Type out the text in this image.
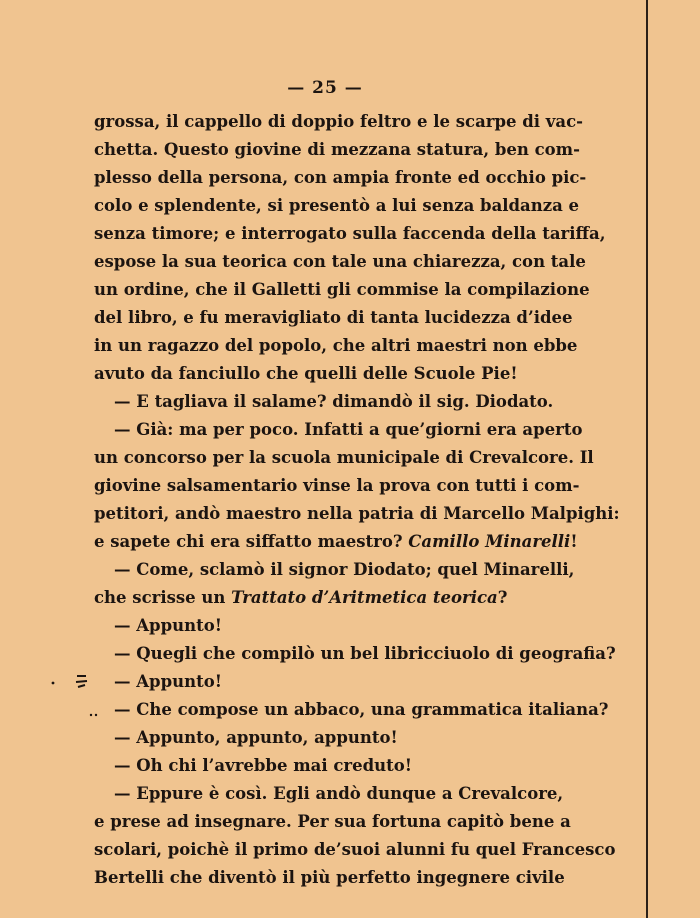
— 25 —
grossa, il cappello di doppio feltro e le scarpe di vac-
chetta. Questo giovine di mezzana statura, ben com-
plesso della persona, con ampia fronte ed occhio pic-
colo e splendente, si presentò a lui senza baldanza e
senza timore; e interrogato sulla faccenda della tariffa,
espose la sua teorica con tale una chiarezza, con tale
un ordine, che il Galletti gli commise la compilazione
del libro, e fu meravigliato di tanta lucidezza d’idee
in un ragazzo del popolo, che altri maestri non ebbe
avuto da fanciullo che quelli delle Scuole Pie!
— E tagliava il salame? dimandò il sig. Diodato.
— Già: ma per poco. Infatti a que’giorni era aperto
un concorso per la scuola municipale di Crevalcore. Il
giovine salsamentario vinse la prova con tutti i com-
petitori, andò maestro nella patria di Marcello Malpighi:
e sapete chi era siffatto maestro? Camillo Minarelli!
— Come, sclamò il signor Diodato; quel Minarelli,
che scrisse un Trattato d’Aritmetica teorica?
— Appunto!
— Quegli che compilò un bel libricciuolo di geografia?
— Appunto!
— Che compose un abbaco, una grammatica italiana?
— Appunto, appunto, appunto!
— Oh chi l’avrebbe mai creduto!
— Eppure è così. Egli andò dunque a Crevalcore,
e prese ad insegnare. Per sua fortuna capitò bene a
scolari, poichè il primo de’suoi alunni fu quel Francesco
Bertelli che diventò il più perfetto ingegnere civile
